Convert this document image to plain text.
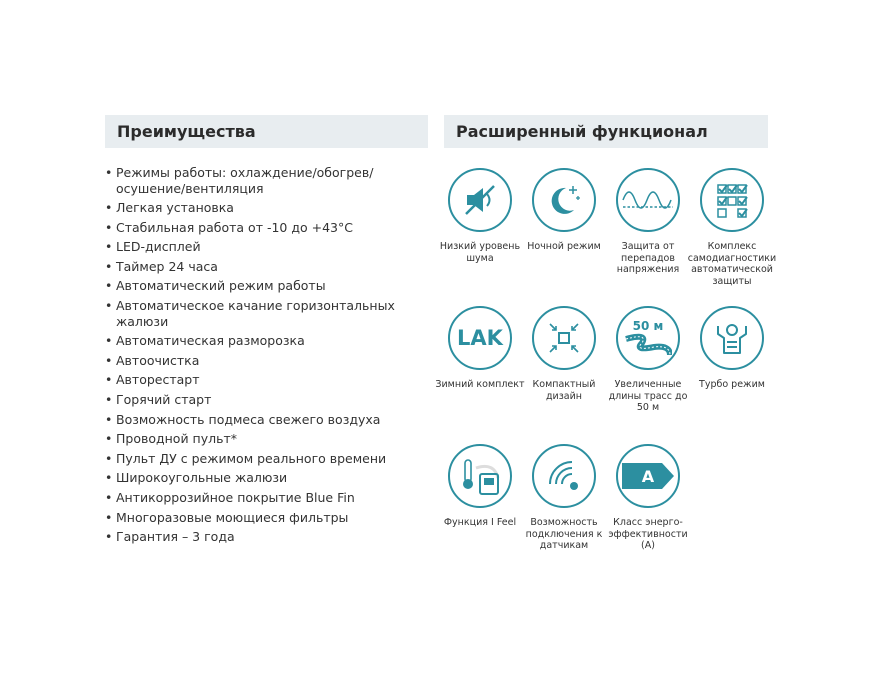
Преимущества	Расширенный функционал
• Режимы работы: охлаждение/обогрев/ осушение/вентиляция
• Легкая установка
• Стабильная работа от -10 до +43°С
• LED-дисплей
• Таймер 24 часа
• Автоматический режим работы
• Автоматическое качание горизонтальных жалюзи
• Автоматическая разморозка
• Автоочистка
• Авторестарт
• Горячий старт
• Возможность подмеса свежего воздуха
• Проводной пульт*
• Пульт ДУ с режимом реального времени
• Широкоугольные жалюзи
• Антикоррозийное покрытие Blue Fin
• Многоразовые моющиеся фильтры
• Гарантия – 3 года
Низкий уровень шума
Ночной режим	Защита от перепадов напряжения
Комплекс самодиагностики автоматической защиты
LAK
Зимний комплект Компактный дизайн
50 м
Увеличенные длины трасс до 50 м
Турбо режим
Функция I Feel	Возможность подключения к датчикам
A
Класс энерго-эффективности (A)
